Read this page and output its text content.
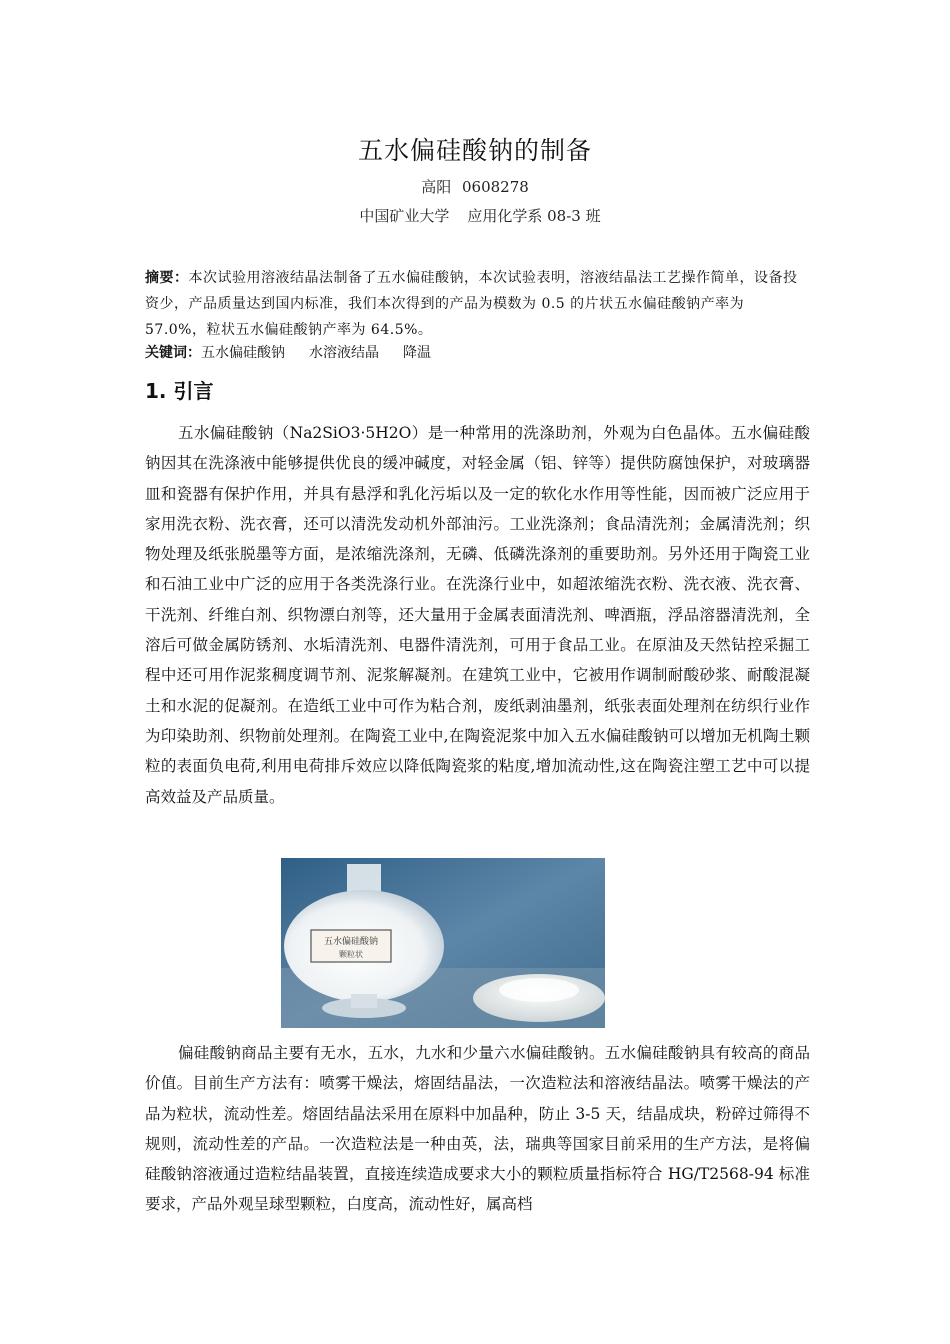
五水偏硅酸钠的制备
高阳 0608278
中国矿业大学 应用化学系 08-3 班
摘要：本次试验用溶液结晶法制备了五水偏硅酸钠，本次试验表明，溶液结晶法工艺操作简单，设备投资少，产品质量达到国内标准，我们本次得到的产品为模数为 0.5 的片状五水偏硅酸钠产率为 57.0%，粒状五水偏硅酸钠产率为 64.5%。
关键词：五水偏硅酸钠 水溶液结晶 降温
1. 引言

五水偏硅酸钠（Na2SiO3·5H2O）是一种常用的洗涤助剂，外观为白色晶体。五水偏硅酸钠因其在洗涤液中能够提供优良的缓冲碱度，对轻金属（铝、锌等）提供防腐蚀保护，对玻璃器皿和瓷器有保护作用，并具有悬浮和乳化污垢以及一定的软化水作用等性能，因而被广泛应用于家用洗衣粉、洗衣膏，还可以清洗发动机外部油污。工业洗涤剂；食品清洗剂；金属清洗剂；织物处理及纸张脱墨等方面，是浓缩洗涤剂，无磷、低磷洗涤剂的重要助剂。另外还用于陶瓷工业和石油工业中广泛的应用于各类洗涤行业。在洗涤行业中，如超浓缩洗衣粉、洗衣液、洗衣膏、干洗剂、纤维白剂、织物漂白剂等，还大量用于金属表面清洗剂、啤酒瓶，浮品溶器清洗剂，全溶后可做金属防锈剂、水垢清洗剂、电器件清洗剂，可用于食品工业。在原油及天然钻控采掘工程中还可用作泥浆稠度调节剂、泥浆解凝剂。在建筑工业中，它被用作调制耐酸砂浆、耐酸混凝土和水泥的促凝剂。在造纸工业中可作为粘合剂，废纸剥油墨剂，纸张表面处理剂在纺织行业作为印染助剂、织物前处理剂。在陶瓷工业中,在陶瓷泥浆中加入五水偏硅酸钠可以增加无机陶土颗粒的表面负电荷,利用电荷排斥效应以降低陶瓷浆的粘度,增加流动性,这在陶瓷注塑工艺中可以提高效益及产品质量。

五水偏硅酸钠
颗粒状

偏硅酸钠商品主要有无水，五水，九水和少量六水偏硅酸钠。五水偏硅酸钠具有较高的商品价值。目前生产方法有：喷雾干燥法，熔固结晶法，一次造粒法和溶液结晶法。喷雾干燥法的产品为粒状，流动性差。熔固结晶法采用在原料中加晶种，防止 3-5 天，结晶成块，粉碎过筛得不规则，流动性差的产品。一次造粒法是一种由英，法，瑞典等国家目前采用的生产方法，是将偏硅酸钠溶液通过造粒结晶装置，直接连续造成要求大小的颗粒质量指标符合 HG/T2568-94 标准要求，产品外观呈球型颗粒，白度高，流动性好，属高档
